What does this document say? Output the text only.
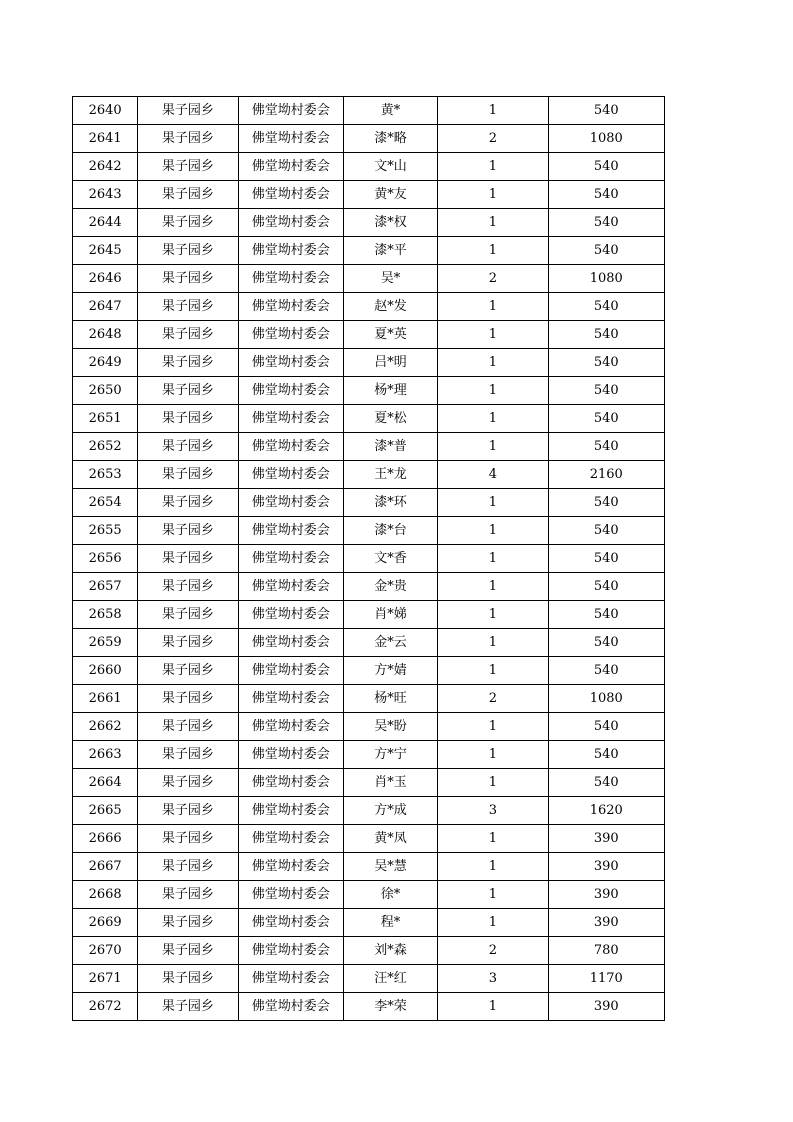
2640	果子园乡	佛堂坳村委会	黄*	1	540
2641	果子园乡	佛堂坳村委会	漆*略	2	1080
2642	果子园乡	佛堂坳村委会	文*山	1	540
2643	果子园乡	佛堂坳村委会	黄*友	1	540
2644	果子园乡	佛堂坳村委会	漆*权	1	540
2645	果子园乡	佛堂坳村委会	漆*平	1	540
2646	果子园乡	佛堂坳村委会	吴*	2	1080
2647	果子园乡	佛堂坳村委会	赵*发	1	540
2648	果子园乡	佛堂坳村委会	夏*英	1	540
2649	果子园乡	佛堂坳村委会	吕*明	1	540
2650	果子园乡	佛堂坳村委会	杨*理	1	540
2651	果子园乡	佛堂坳村委会	夏*松	1	540
2652	果子园乡	佛堂坳村委会	漆*普	1	540
2653	果子园乡	佛堂坳村委会	王*龙	4	2160
2654	果子园乡	佛堂坳村委会	漆*环	1	540
2655	果子园乡	佛堂坳村委会	漆*台	1	540
2656	果子园乡	佛堂坳村委会	文*香	1	540
2657	果子园乡	佛堂坳村委会	金*贵	1	540
2658	果子园乡	佛堂坳村委会	肖*娣	1	540
2659	果子园乡	佛堂坳村委会	金*云	1	540
2660	果子园乡	佛堂坳村委会	方*婧	1	540
2661	果子园乡	佛堂坳村委会	杨*旺	2	1080
2662	果子园乡	佛堂坳村委会	吴*盼	1	540
2663	果子园乡	佛堂坳村委会	方*宁	1	540
2664	果子园乡	佛堂坳村委会	肖*玉	1	540
2665	果子园乡	佛堂坳村委会	方*成	3	1620
2666	果子园乡	佛堂坳村委会	黄*凤	1	390
2667	果子园乡	佛堂坳村委会	吴*慧	1	390
2668	果子园乡	佛堂坳村委会	徐*	1	390
2669	果子园乡	佛堂坳村委会	程*	1	390
2670	果子园乡	佛堂坳村委会	刘*森	2	780
2671	果子园乡	佛堂坳村委会	汪*红	3	1170
2672	果子园乡	佛堂坳村委会	李*荣	1	390
